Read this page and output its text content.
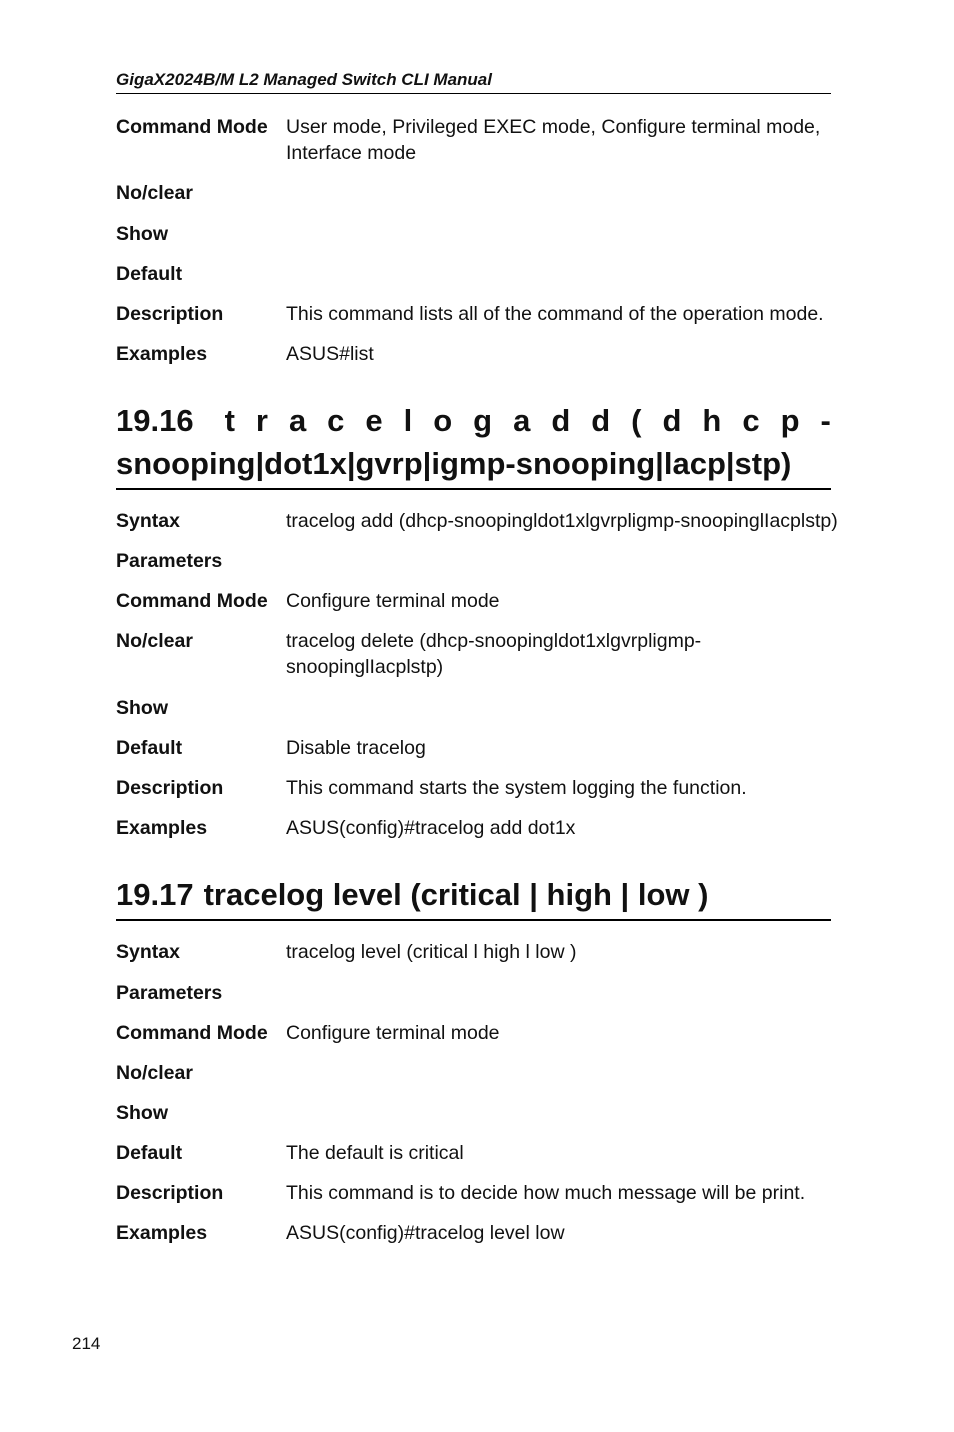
GigaX2024B/M L2 Managed Switch CLI Manual
Command Mode User mode, Privileged EXEC mode, Configure terminal mode, Interface mode
No/clear
Show
Default
Description	This command lists all of the command of the operation mode.
Examples	ASUS#list
19.16 t r a c e l o g a d d ( d h c p -
snooping|dot1x|gvrp|igmp-snooping|lacp|stp)
Syntax	tracelog add (dhcp-snoopingldot1xlgvrpligmp-snoopinglIacplstp)
Parameters
Command Mode Configure terminal mode
No/clear	tracelog delete (dhcp-snoopingldot1xlgvrpligmp-snoopinglIacplstp)
Show
Default	Disable tracelog
Description	This command starts the system logging the function.
Examples	ASUS(config)#tracelog add dot1x
19.17 tracelog level (critical | high | low )
Syntax	tracelog level (critical l high l low )
Parameters
Command Mode Configure terminal mode
No/clear
Show
Default	The default is critical
Description	This command is to decide how much message will be print.
Examples	ASUS(config)#tracelog level low
214
